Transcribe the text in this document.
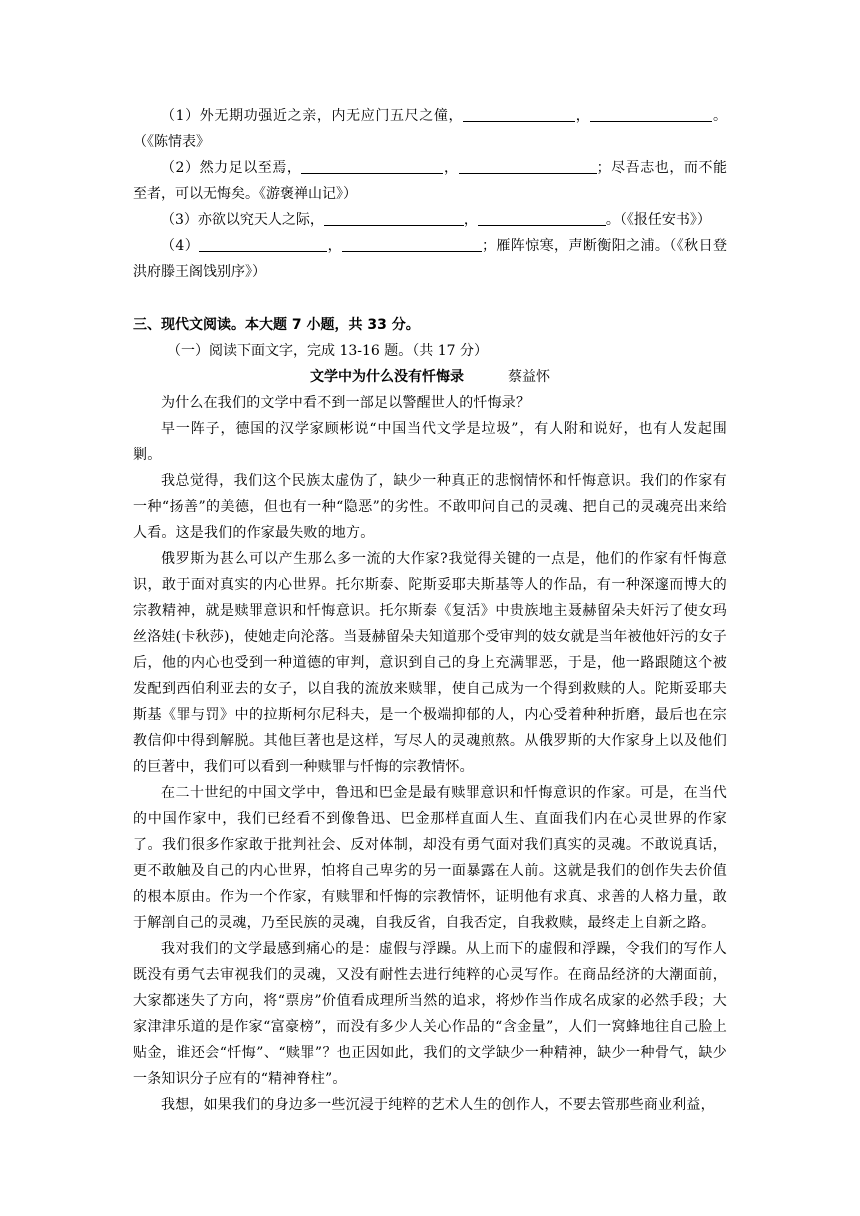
（1）外无期功强近之亲，内无应门五尺之僮，	，	。（《陈情表》

（2）然力足以至焉，	，	；尽吾志也，而不能至者，可以无悔矣。《游褒禅山记》）

（3）亦欲以究天人之际，	，	。（《报任安书》）

（4）	，	；雁阵惊寒，声断衡阳之浦。（《秋日登洪府滕王阁饯别序》）

三、现代文阅读。本大题 7 小题，共 33 分。
（一）阅读下面文字，完成 13-16 题。（共 17 分）
文学中为什么没有忏悔录	蔡益怀

为什么在我们的文学中看不到一部足以警醒世人的忏悔录？

早一阵子，德国的汉学家顾彬说“中国当代文学是垃圾”，有人附和说好，也有人发起围剿。

我总觉得，我们这个民族太虚伪了，缺少一种真正的悲悯情怀和忏悔意识。我们的作家有一种“扬善”的美德，但也有一种“隐恶”的劣性。不敢叩问自己的灵魂、把自己的灵魂亮出来给人看。这是我们的作家最失败的地方。

俄罗斯为甚么可以产生那么多一流的大作家?我觉得关键的一点是，他们的作家有忏悔意识，敢于面对真实的内心世界。托尔斯泰、陀斯妥耶夫斯基等人的作品，有一种深邃而博大的宗教精神，就是赎罪意识和忏悔意识。托尔斯泰《复活》中贵族地主聂赫留朵夫奸污了使女玛丝洛娃(卡秋莎)，使她走向沦落。当聂赫留朵夫知道那个受审判的妓女就是当年被他奸污的女子后，他的内心也受到一种道德的审判，意识到自己的身上充满罪恶，于是，他一路跟随这个被发配到西伯利亚去的女子，以自我的流放来赎罪，使自己成为一个得到救赎的人。陀斯妥耶夫斯基《罪与罚》中的拉斯柯尔尼科夫，是一个极端抑郁的人，内心受着种种折磨，最后也在宗教信仰中得到解脱。其他巨著也是这样，写尽人的灵魂煎熬。从俄罗斯的大作家身上以及他们的巨著中，我们可以看到一种赎罪与忏悔的宗教情怀。

在二十世纪的中国文学中，鲁迅和巴金是最有赎罪意识和忏悔意识的作家。可是，在当代的中国作家中，我们已经看不到像鲁迅、巴金那样直面人生、直面我们内在心灵世界的作家了。我们很多作家敢于批判社会、反对体制，却没有勇气面对我们真实的灵魂。不敢说真话，更不敢触及自己的内心世界，怕将自己卑劣的另一面暴露在人前。这就是我们的创作失去价值的根本原由。作为一个作家，有赎罪和忏悔的宗教情怀，证明他有求真、求善的人格力量，敢于解剖自己的灵魂，乃至民族的灵魂，自我反省，自我否定，自我救赎，最终走上自新之路。

我对我们的文学最感到痛心的是：虚假与浮躁。从上而下的虚假和浮躁，令我们的写作人既没有勇气去审视我们的灵魂，又没有耐性去进行纯粹的心灵写作。在商品经济的大潮面前，大家都迷失了方向，将“票房”价值看成理所当然的追求，将炒作当作成名成家的必然手段；大家津津乐道的是作家“富豪榜”，而没有多少人关心作品的“含金量”，人们一窝蜂地往自己脸上贴金，谁还会“忏悔”、“赎罪”？也正因如此，我们的文学缺少一种精神，缺少一种骨气，缺少一条知识分子应有的“精神脊柱”。

我想，如果我们的身边多一些沉浸于纯粹的艺术人生的创作人，不要去管那些商业利益，
